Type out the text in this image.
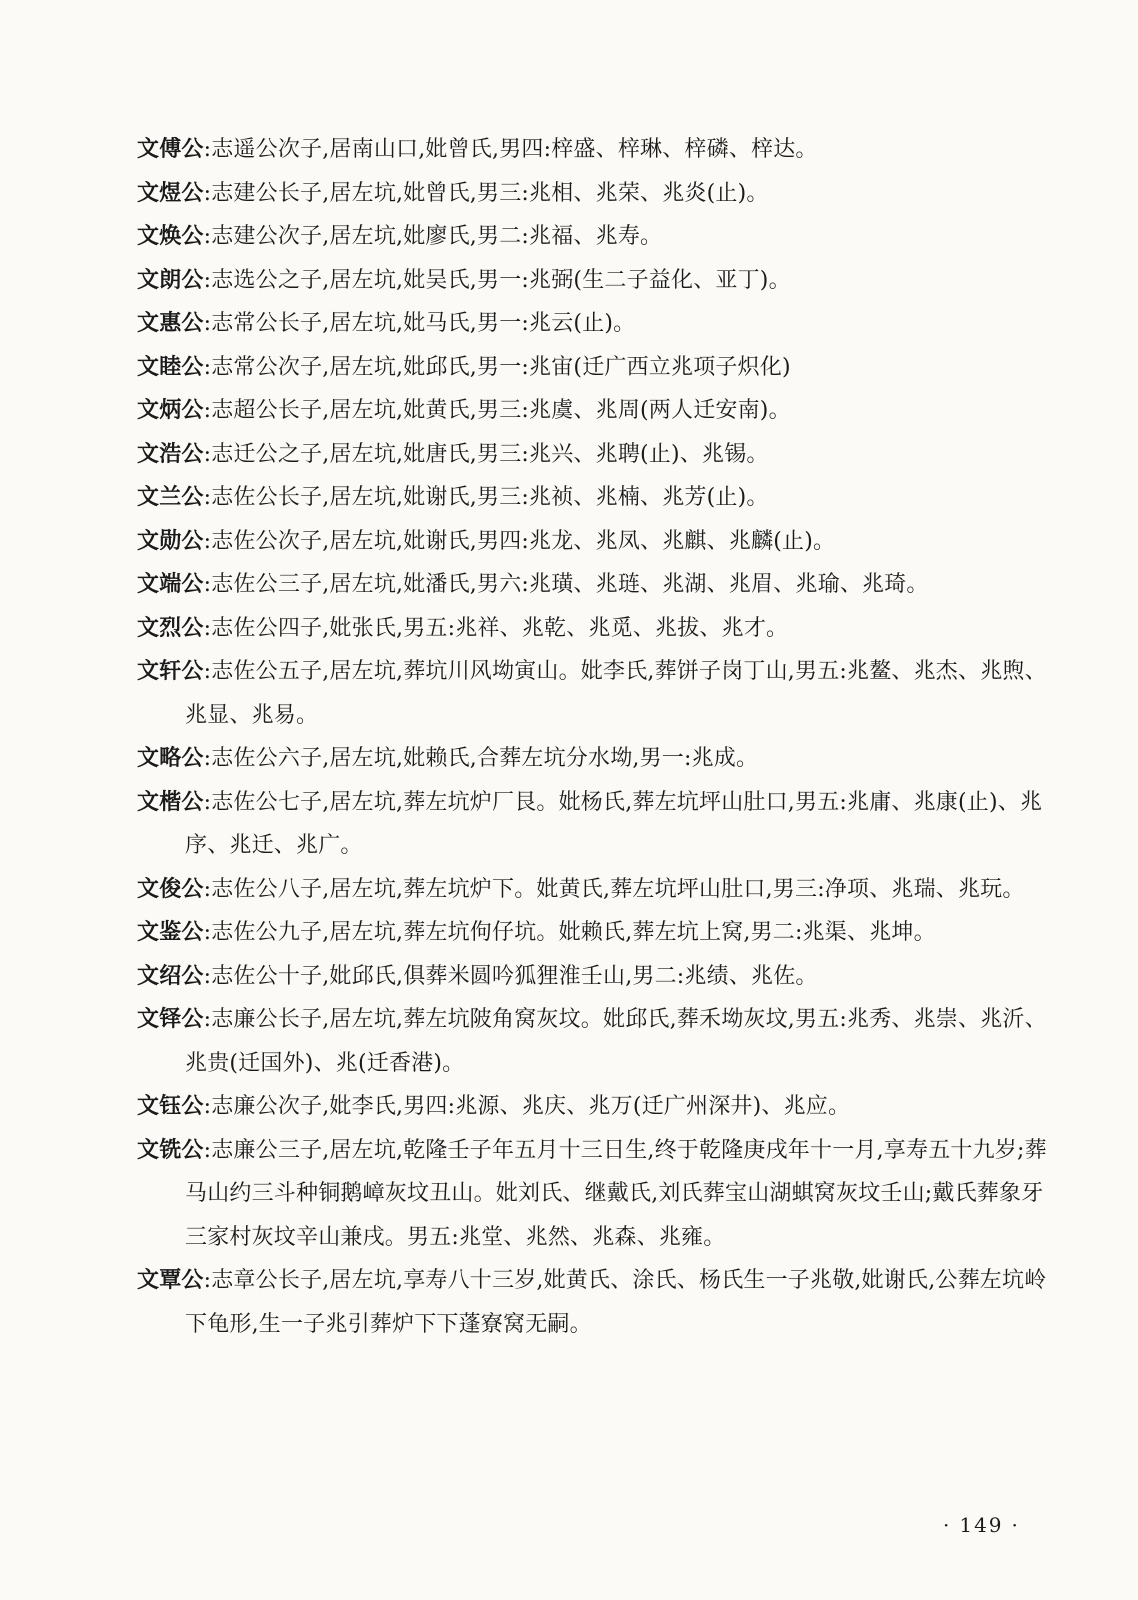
文傅公:志遥公次子,居南山口,妣曾氏,男四:梓盛、梓琳、梓磷、梓达。
文煜公:志建公长子,居左坑,妣曾氏,男三:兆相、兆荣、兆炎(止)。
文焕公:志建公次子,居左坑,妣廖氏,男二:兆福、兆寿。
文朗公:志选公之子,居左坑,妣吴氏,男一:兆弼(生二子益化、亚丁)。
文惠公:志常公长子,居左坑,妣马氏,男一:兆云(止)。
文睦公:志常公次子,居左坑,妣邱氏,男一:兆宙(迁广西立兆项子炽化)
文炳公:志超公长子,居左坑,妣黄氏,男三:兆虞、兆周(两人迁安南)。
文浩公:志迁公之子,居左坑,妣唐氏,男三:兆兴、兆聘(止)、兆锡。
文兰公:志佐公长子,居左坑,妣谢氏,男三:兆祯、兆楠、兆芳(止)。
文勋公:志佐公次子,居左坑,妣谢氏,男四:兆龙、兆凤、兆麒、兆麟(止)。
文端公:志佐公三子,居左坑,妣潘氏,男六:兆璜、兆琏、兆湖、兆眉、兆瑜、兆琦。
文烈公:志佐公四子,妣张氏,男五:兆祥、兆乾、兆觅、兆拔、兆才。
文轩公:志佐公五子,居左坑,葬坑川风坳寅山。妣李氏,葬饼子岗丁山,男五:兆鳌、兆杰、兆煦、兆显、兆易。
文略公:志佐公六子,居左坑,妣赖氏,合葬左坑分水坳,男一:兆成。
文楷公:志佐公七子,居左坑,葬左坑炉厂艮。妣杨氏,葬左坑坪山肚口,男五:兆庸、兆康(止)、兆序、兆迁、兆广。
文俊公:志佐公八子,居左坑,葬左坑炉下。妣黄氏,葬左坑坪山肚口,男三:净项、兆瑞、兆玩。
文鉴公:志佐公九子,居左坑,葬左坑佝仔坑。妣赖氏,葬左坑上窝,男二:兆渠、兆坤。
文绍公:志佐公十子,妣邱氏,俱葬米圆吟狐狸淮壬山,男二:兆绩、兆佐。
文铎公:志廉公长子,居左坑,葬左坑陂角窝灰坟。妣邱氏,葬禾坳灰坟,男五:兆秀、兆崇、兆沂、兆贵(迁国外)、兆(迁香港)。
文钰公:志廉公次子,妣李氏,男四:兆源、兆庆、兆万(迁广州深井)、兆应。
文铣公:志廉公三子,居左坑,乾隆壬子年五月十三日生,终于乾隆庚戌年十一月,享寿五十九岁;葬马山约三斗种铜鹅嶂灰坟丑山。妣刘氏、继戴氏,刘氏葬宝山湖蜞窝灰坟壬山;戴氏葬象牙三家村灰坟辛山兼戌。男五:兆堂、兆然、兆森、兆雍。
文覃公:志章公长子,居左坑,享寿八十三岁,妣黄氏、涂氏、杨氏生一子兆敬,妣谢氏,公葬左坑岭下龟形,生一子兆引葬炉下下蓬寮窝无嗣。
· 149 ·
